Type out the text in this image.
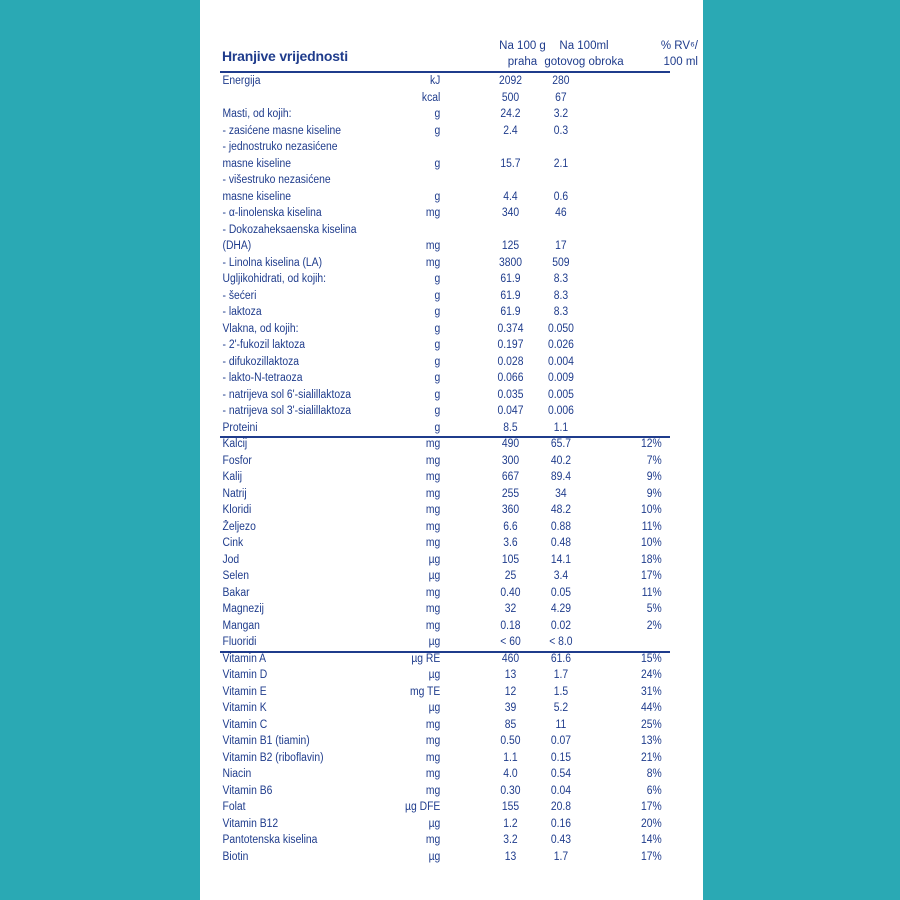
Hranjive vrijednosti
Na 100 g
praha
Na 100ml
gotovog obroka
% RV⁶/
100 ml
Energija	kJ	2092	280
kcal	500	67
Masti, od kojih:	g	24.2	3.2
- zasićene masne kiseline	g	2.4	0.3
- jednostruko nezasićene
masne kiseline	g	15.7	2.1
- višestruko nezasićene
masne kiseline	g	4.4	0.6
- α-linolenska kiselina	mg	340	46
- Dokozaheksaenska kiselina
(DHA)	mg	125	17
- Linolna kiselina (LA)	mg	3800	509
Ugljikohidrati, od kojih:	g	61.9	8.3
- šećeri	g	61.9	8.3
- laktoza	g	61.9	8.3
Vlakna, od kojih:	g	0.374	0.050
- 2'-fukozil laktoza	g	0.197	0.026
- difukozillaktoza	g	0.028	0.004
- lakto-N-tetraoza	g	0.066	0.009
- natrijeva sol 6'-sialillaktoza	g	0.035	0.005
- natrijeva sol 3'-sialillaktoza	g	0.047	0.006
Proteini	g	8.5	1.1
Kalcij	mg	490	65.7	12%
Fosfor	mg	300	40.2	7%
Kalij	mg	667	89.4	9%
Natrij	mg	255	34	9%
Kloridi	mg	360	48.2	10%
Željezo	mg	6.6	0.88	11%
Cink	mg	3.6	0.48	10%
Jod	µg	105	14.1	18%
Selen	µg	25	3.4	17%
Bakar	mg	0.40	0.05	11%
Magnezij	mg	32	4.29	5%
Mangan	mg	0.18	0.02	2%
Fluoridi	µg	< 60	< 8.0
Vitamin A	µg RE	460	61.6	15%
Vitamin D	µg	13	1.7	24%
Vitamin E	mg TE	12	1.5	31%
Vitamin K	µg	39	5.2	44%
Vitamin C	mg	85	11	25%
Vitamin B1 (tiamin)	mg	0.50	0.07	13%
Vitamin B2 (riboflavin)	mg	1.1	0.15	21%
Niacin	mg	4.0	0.54	8%
Vitamin B6	mg	0.30	0.04	6%
Folat	µg DFE	155	20.8	17%
Vitamin B12	µg	1.2	0.16	20%
Pantotenska kiselina	mg	3.2	0.43	14%
Biotin	µg	13	1.7	17%
